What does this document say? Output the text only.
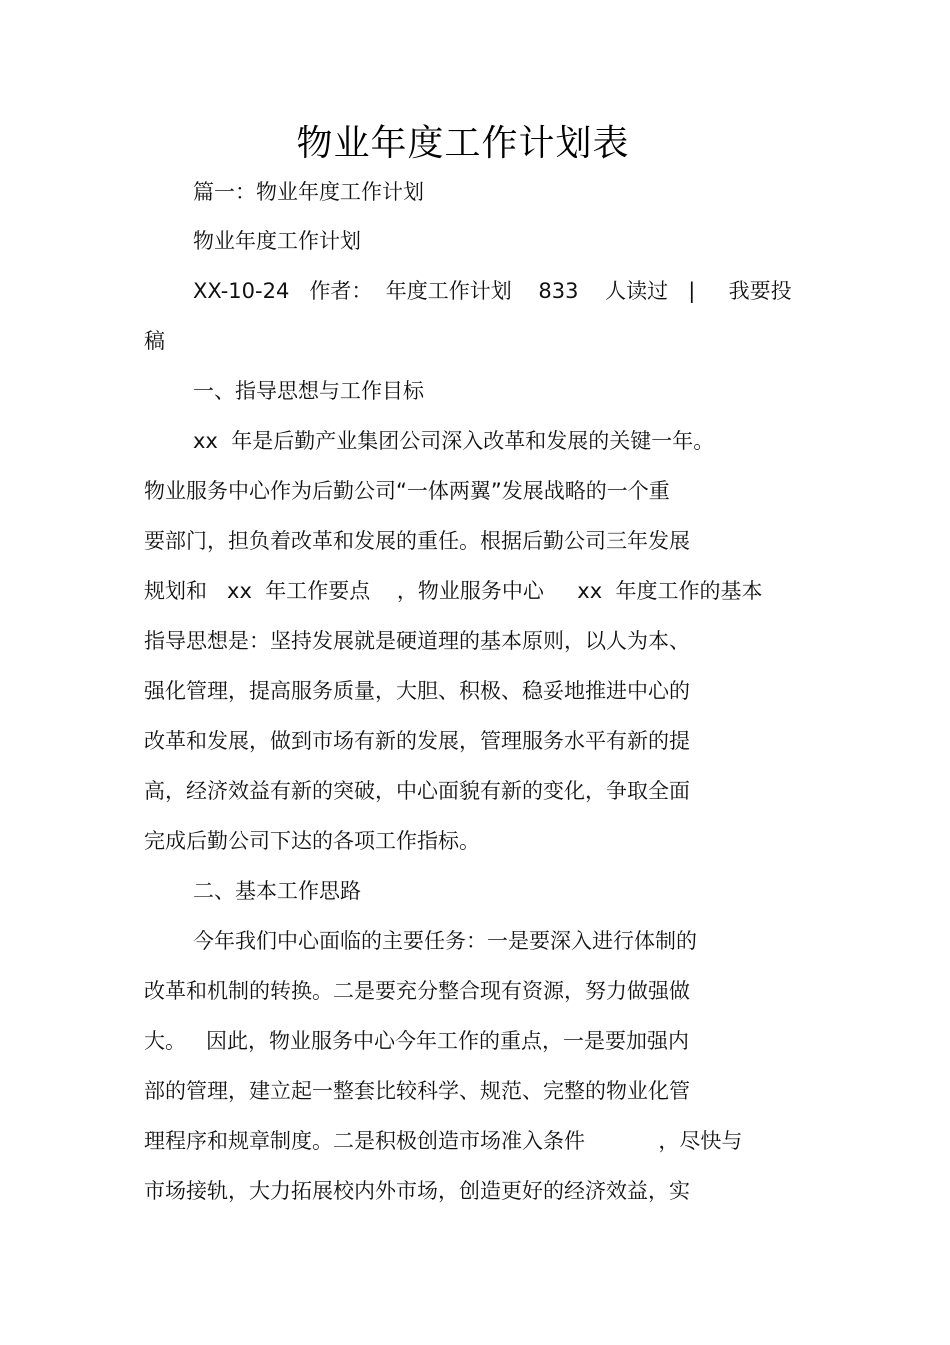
物业年度工作计划表
篇一：物业年度工作计划
物业年度工作计划
XX-10-24   作者：  年度工作计划    833    人读过   |     我要投
稿
一、指导思想与工作目标
xx  年是后勤产业集团公司深入改革和发展的关键一年。
物业服务中心作为后勤公司“一体两翼”发展战略的一个重
要部门，担负着改革和发展的重任。根据后勤公司三年发展
规划和   xx  年工作要点    ，物业服务中心     xx  年度工作的基本
指导思想是：坚持发展就是硬道理的基本原则，以人为本、
强化管理，提高服务质量，大胆、积极、稳妥地推进中心的
改革和发展，做到市场有新的发展，管理服务水平有新的提
高，经济效益有新的突破，中心面貌有新的变化，争取全面
完成后勤公司下达的各项工作指标。
二、基本工作思路
今年我们中心面临的主要任务：一是要深入进行体制的
改革和机制的转换。二是要充分整合现有资源，努力做强做
大。   因此，物业服务中心今年工作的重点，一是要加强内
部的管理，建立起一整套比较科学、规范、完整的物业化管
理程序和规章制度。二是积极创造市场准入条件           ，尽快与
市场接轨，大力拓展校内外市场，创造更好的经济效益，实
